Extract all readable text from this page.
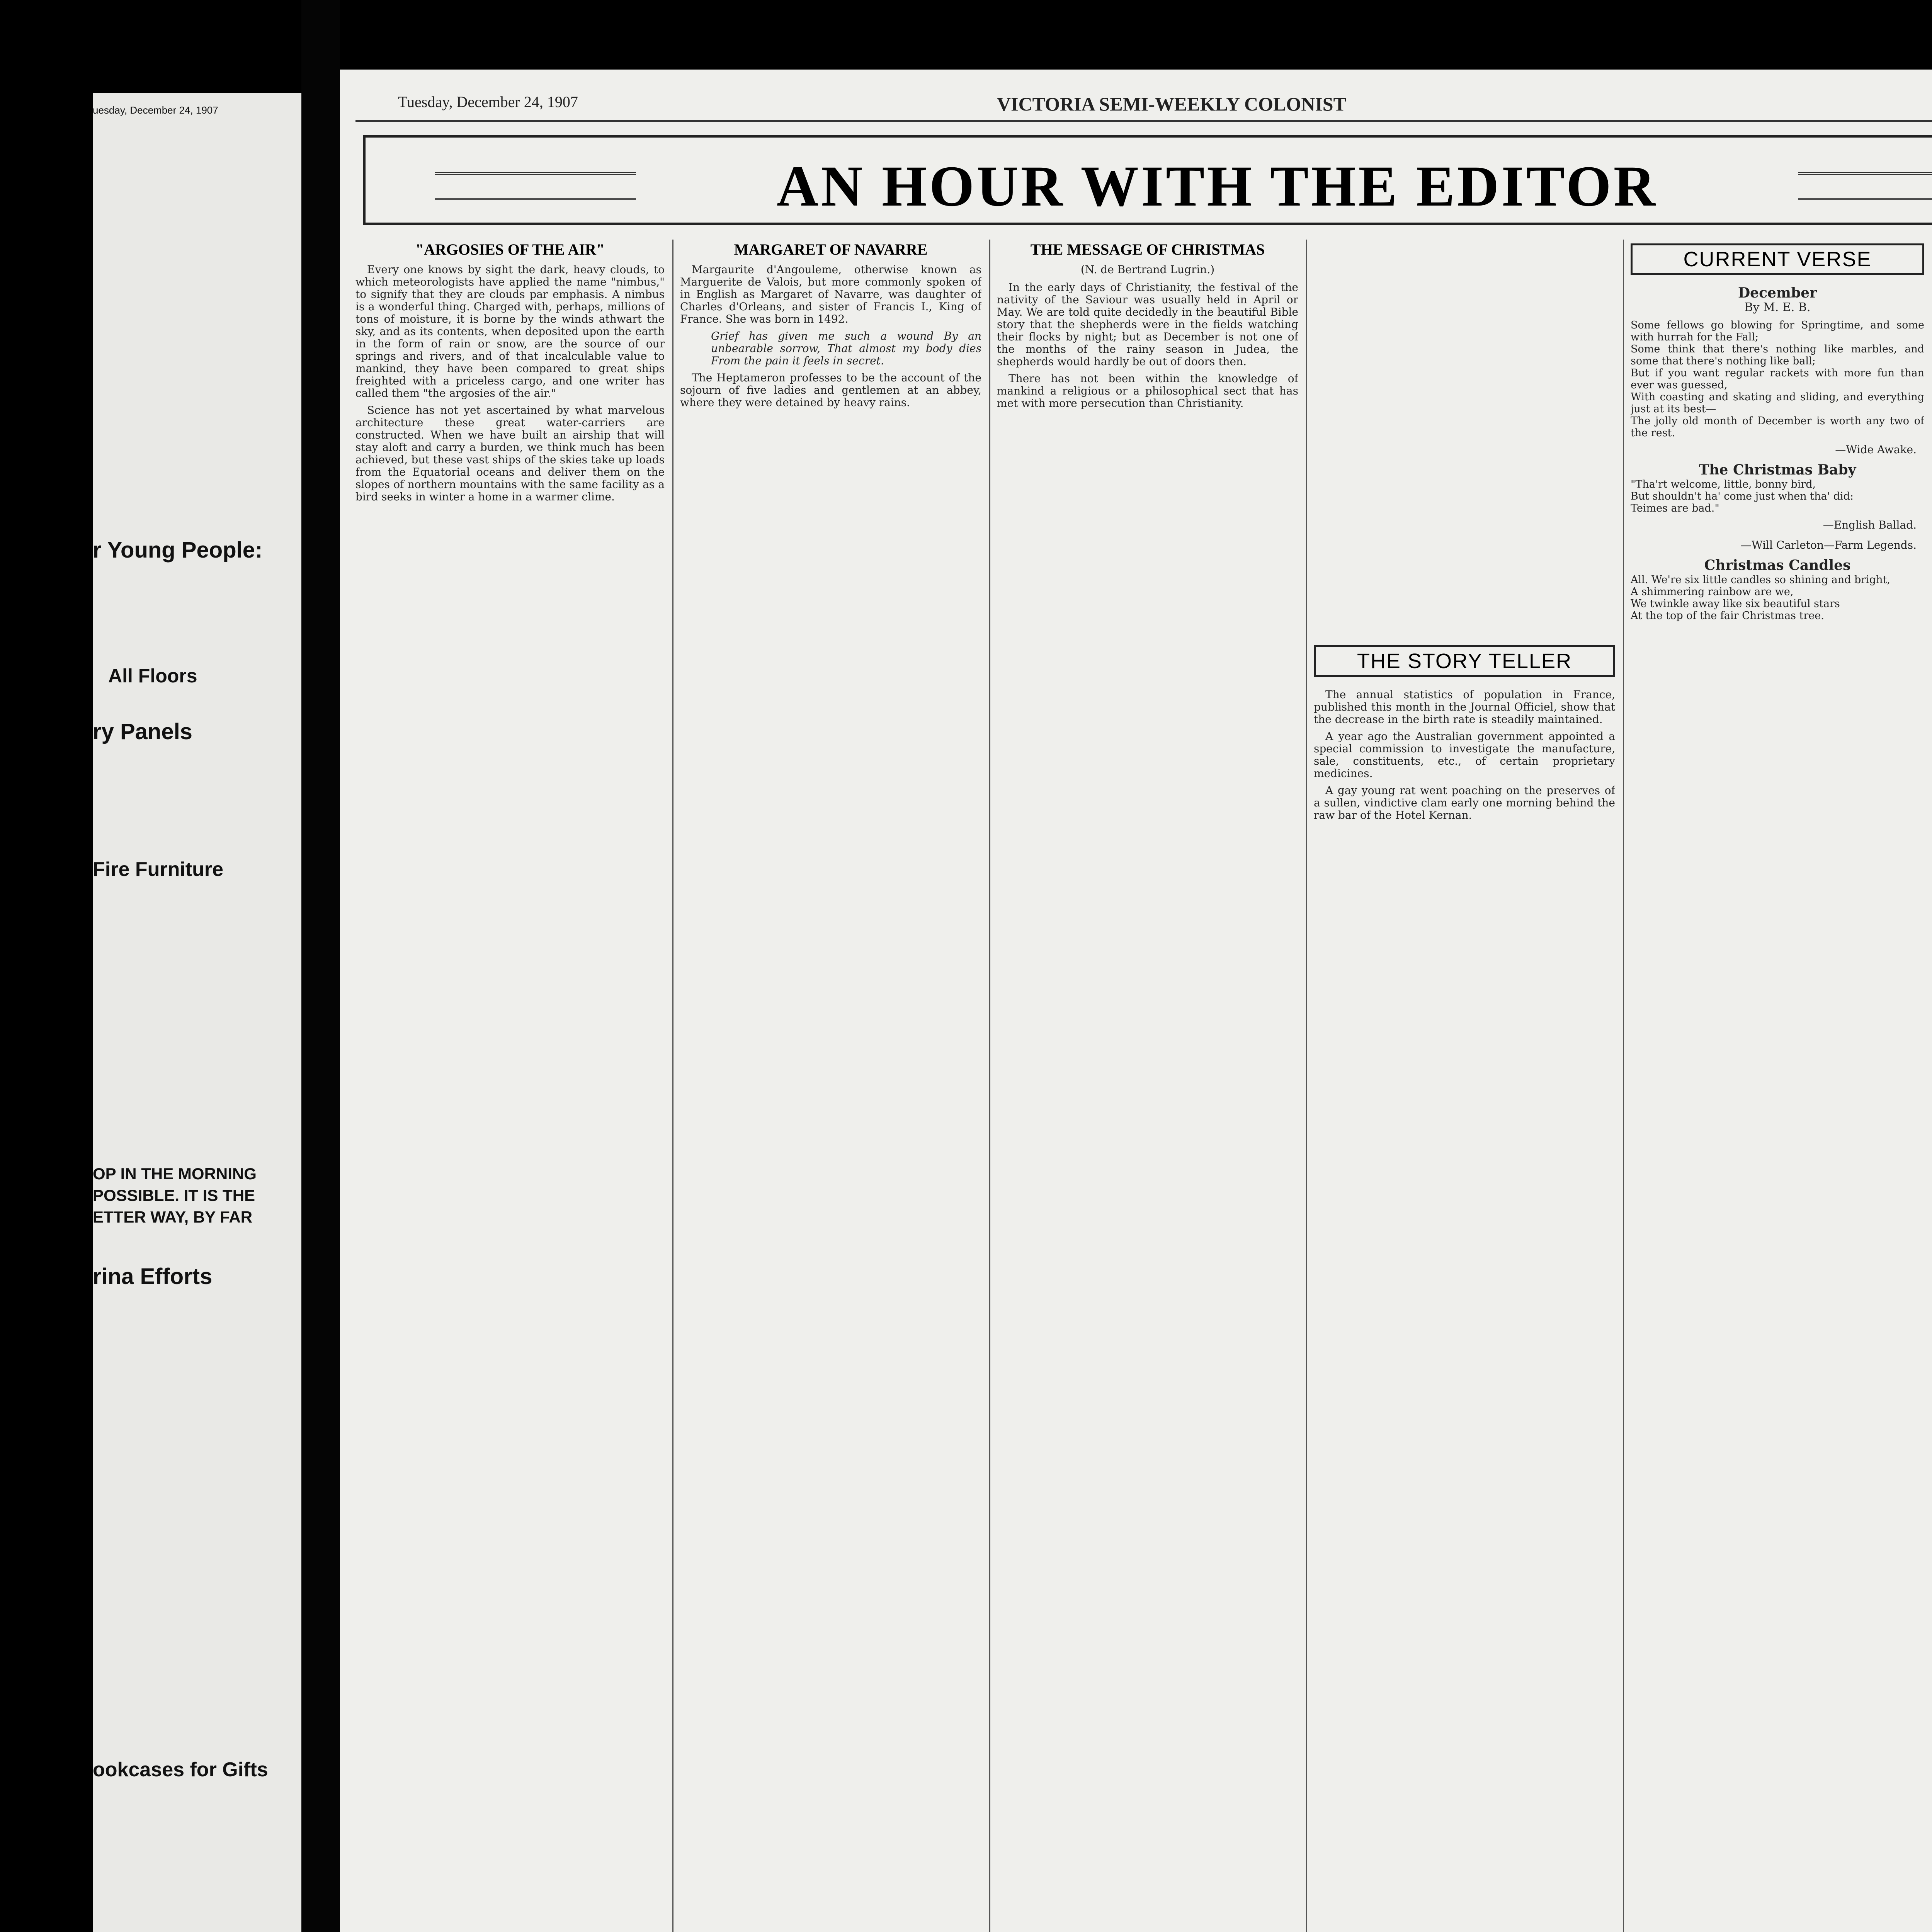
uesday, December 24, 1907
r Young People:
All Floors
ry Panels
Fire Furniture
OP IN THE MORNING POSSIBLE. IT IS THE ETTER WAY, BY FAR
rina Efforts
ookcases for Gifts
Tuesday, December 24, 1907	VICTORIA SEMI-WEEKLY COLONIST
AN HOUR WITH THE EDITOR
"ARGOSIES OF THE AIR"

Every one knows by sight the dark, heavy clouds, to which meteorologists have applied the name "nimbus," to signify that they are clouds par emphasis. A nimbus is a wonderful thing. Charged with, perhaps, millions of tons of moisture, it is borne by the winds athwart the sky, and as its contents, when deposited upon the earth in the form of rain or snow, are the source of our springs and rivers, and of that incalculable value to mankind, they have been compared to great ships freighted with a priceless cargo, and one writer has called them "the argosies of the air."

Science has not yet ascertained by what marvelous architecture these great water-carriers are constructed. When we have built an airship that will stay aloft and carry a burden, we think much has been achieved, but these vast ships of the skies take up loads from the Equatorial oceans and deliver them on the slopes of northern mountains with the same facility as a bird seeks in winter a home in a warmer clime.

MARGARET OF NAVARRE

Margaurite d'Angouleme, otherwise known as Marguerite de Valois, but more commonly spoken of in English as Margaret of Navarre, was daughter of Charles d'Orleans, and sister of Francis I., King of France. She was born in 1492.

Grief has given me such a wound By an unbearable sorrow, That almost my body dies From the pain it feels in secret.

The Heptameron professes to be the account of the sojourn of five ladies and gentlemen at an abbey, where they were detained by heavy rains.

THE MESSAGE OF CHRISTMAS
(N. de Bertrand Lugrin.)

In the early days of Christianity, the festival of the nativity of the Saviour was usually held in April or May. We are told quite decidedly in the beautiful Bible story that the shepherds were in the fields watching their flocks by night; but as December is not one of the months of the rainy season in Judea, the shepherds would hardly be out of doors then.

There has not been within the knowledge of mankind a religious or a philosophical sect that has met with more persecution than Christianity.

THE STORY TELLER

The annual statistics of population in France, published this month in the Journal Officiel, show that the decrease in the birth rate is steadily maintained.

A year ago the Australian government appointed a special commission to investigate the manufacture, sale, constituents, etc., of certain proprietary medicines.

A gay young rat went poaching on the preserves of a sullen, vindictive clam early one morning behind the raw bar of the Hotel Kernan.

CURRENT VERSE
December
By M. E. B.

Some fellows go blowing for Springtime, and some with hurrah for the Fall;
Some think that there's nothing like marbles, and some that there's nothing like ball;
But if you want regular rackets with more fun than ever was guessed,
With coasting and skating and sliding, and everything just at its best—
The jolly old month of December is worth any two of the rest.

—Wide Awake.
The Christmas Baby

"Tha'rt welcome, little, bonny bird,
But shouldn't ha' come just when tha' did:
Teimes are bad."

—English Ballad.
—Will Carleton—Farm Legends.
Christmas Candles

All. We're six little candles so shining and bright,
A shimmering rainbow are we,
We twinkle away like six beautiful stars
At the top of the fair Christmas tree.
